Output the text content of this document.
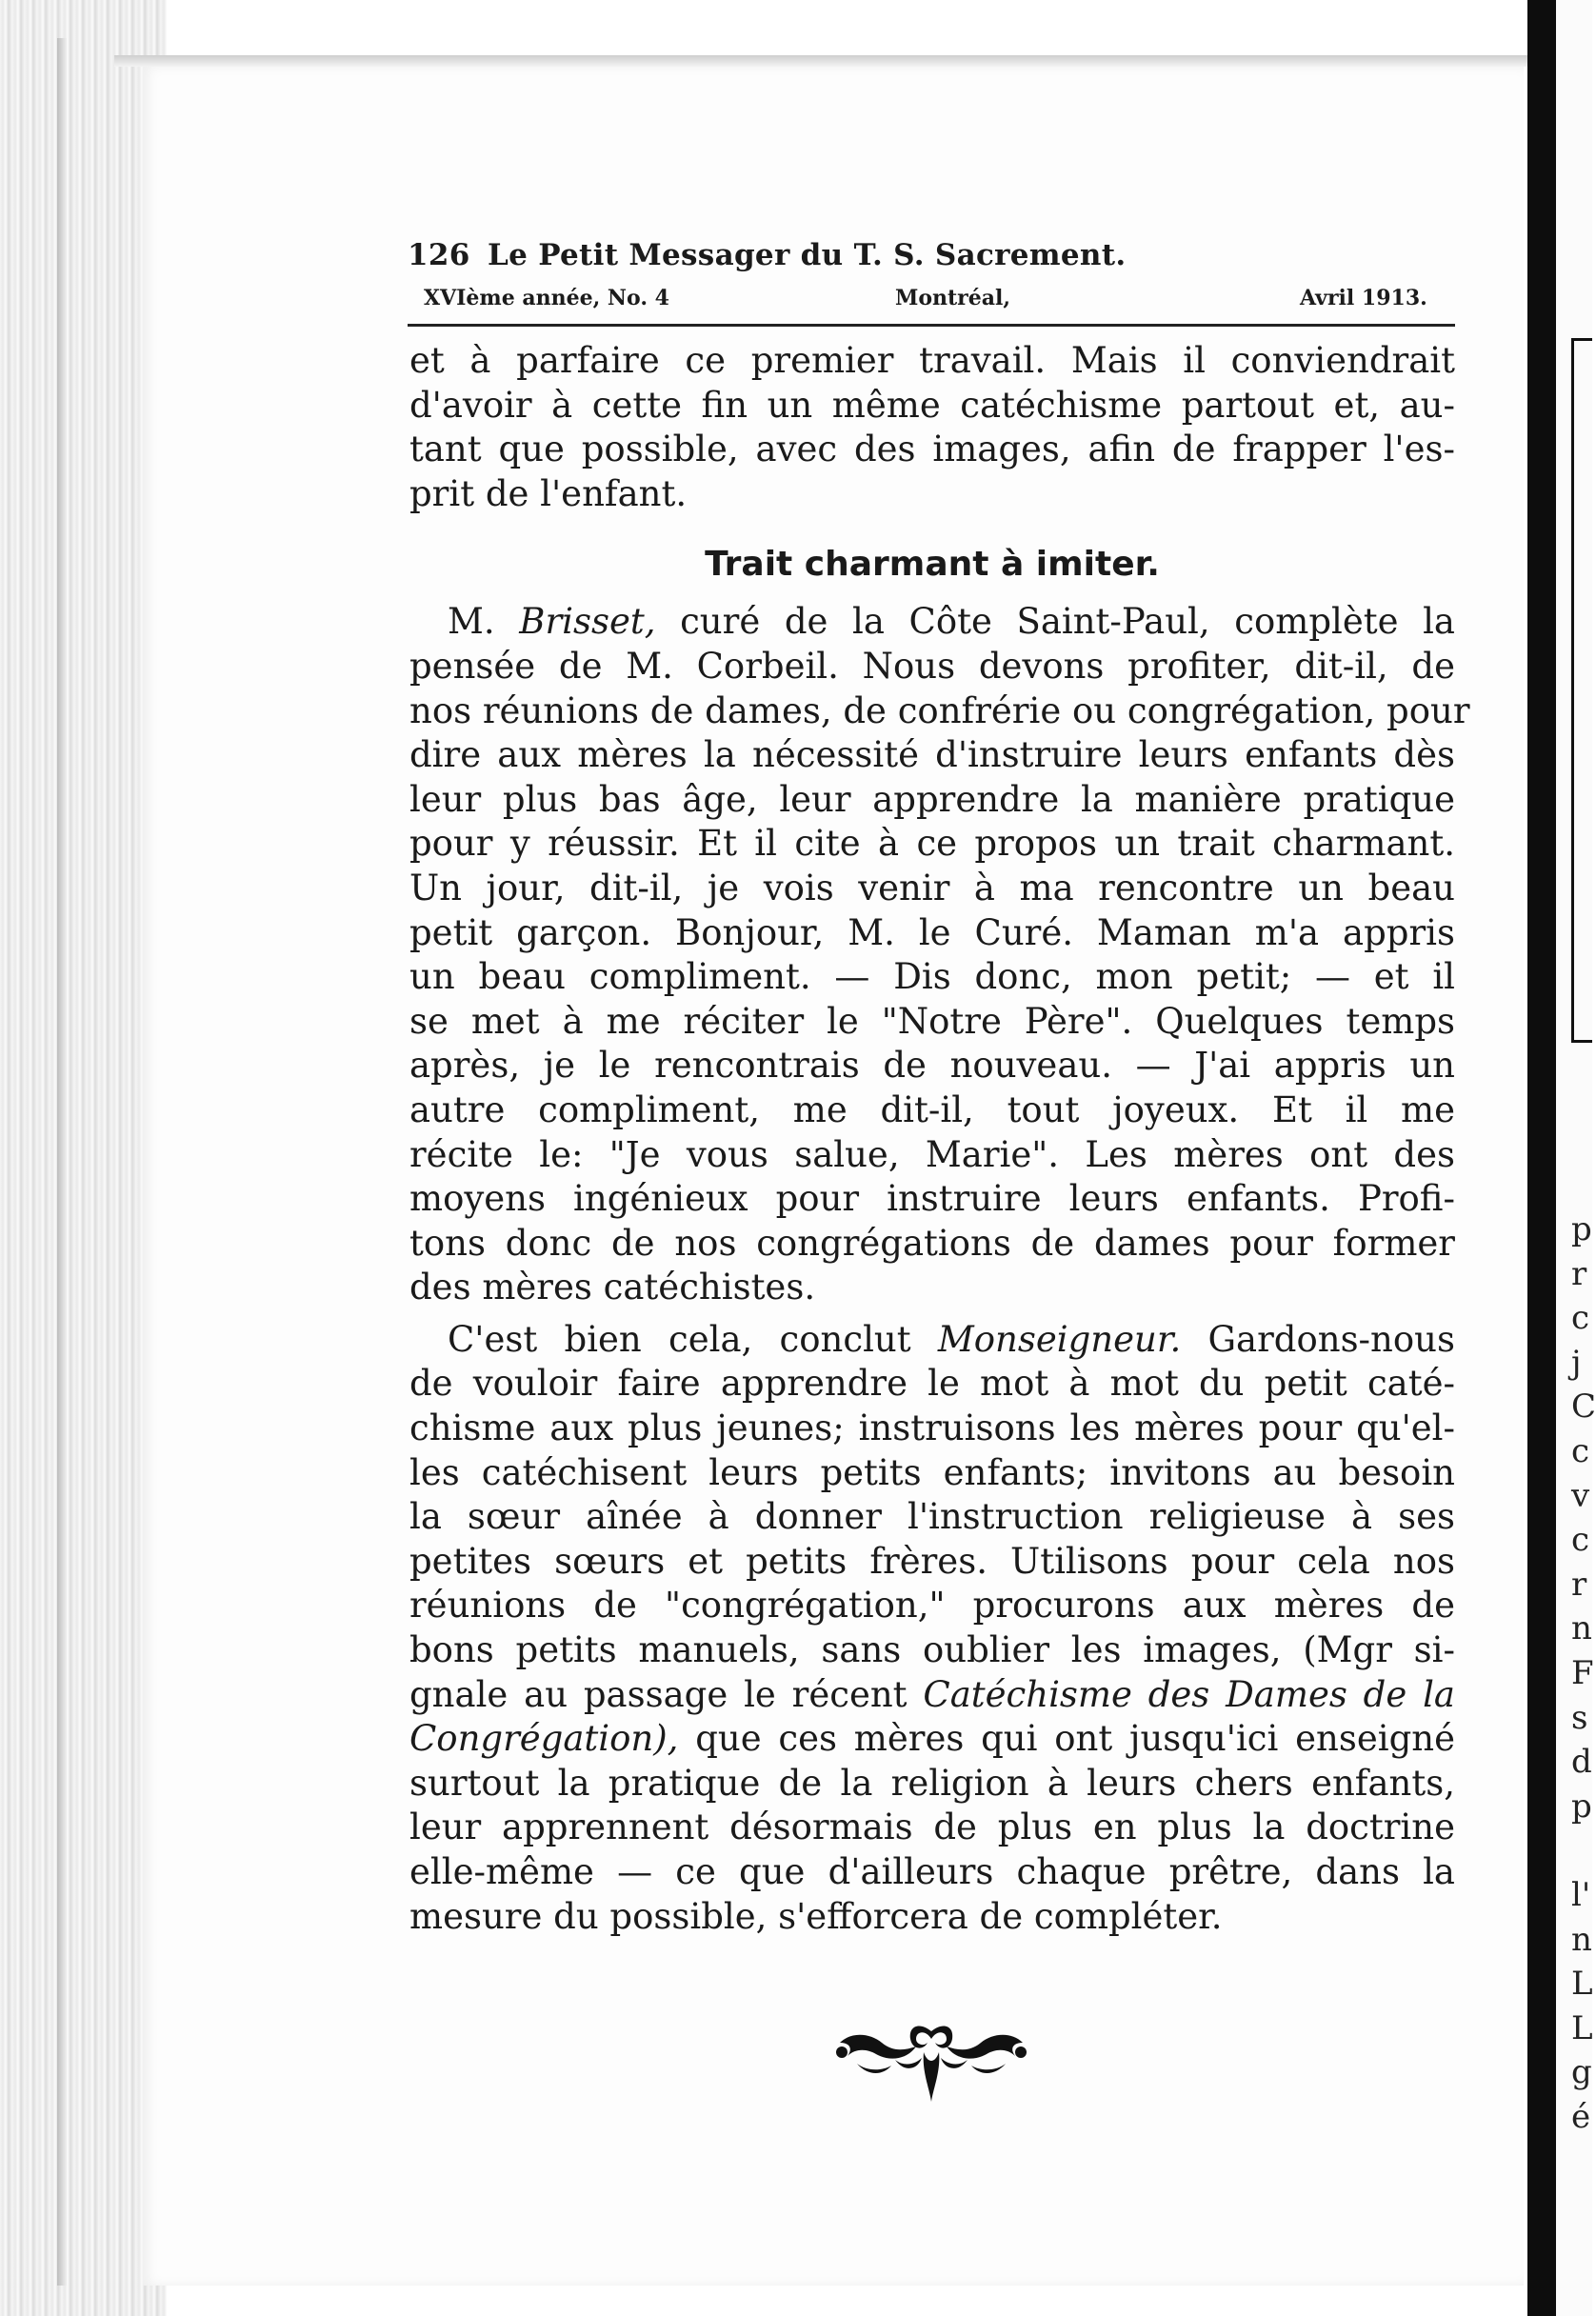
p
r
c
j
C
c
v
c
r
n
F
s
d
p
l'
n
L
L
g
é
126 Le Petit Messager du T. S. Sacrement.
XVIème année, No. 4	Montréal,	Avril 1913.
et à parfaire ce premier travail. Mais il conviendrait
d'avoir à cette fin un même catéchisme partout et, au-
tant que possible, avec des images, afin de frapper l'es-
prit de l'enfant.
Trait charmant à imiter.
M. Brisset, curé de la Côte Saint-Paul, complète la
pensée de M. Corbeil. Nous devons profiter, dit-il, de
nos réunions de dames, de confrérie ou congrégation, pour
dire aux mères la nécessité d'instruire leurs enfants dès
leur plus bas âge, leur apprendre la manière pratique
pour y réussir. Et il cite à ce propos un trait charmant.
Un jour, dit-il, je vois venir à ma rencontre un beau
petit garçon. Bonjour, M. le Curé. Maman m'a appris
un beau compliment. — Dis donc, mon petit; — et il
se met à me réciter le "Notre Père". Quelques temps
après, je le rencontrais de nouveau. — J'ai appris un
autre compliment, me dit-il, tout joyeux. Et il me
récite le: "Je vous salue, Marie". Les mères ont des
moyens ingénieux pour instruire leurs enfants. Profi-
tons donc de nos congrégations de dames pour former
des mères catéchistes.
C'est bien cela, conclut Monseigneur. Gardons-nous
de vouloir faire apprendre le mot à mot du petit caté-
chisme aux plus jeunes; instruisons les mères pour qu'el-
les catéchisent leurs petits enfants; invitons au besoin
la sœur aînée à donner l'instruction religieuse à ses
petites sœurs et petits frères. Utilisons pour cela nos
réunions de "congrégation," procurons aux mères de
bons petits manuels, sans oublier les images, (Mgr si-
gnale au passage le récent Catéchisme des Dames de la
Congrégation), que ces mères qui ont jusqu'ici enseigné
surtout la pratique de la religion à leurs chers enfants,
leur apprennent désormais de plus en plus la doctrine
elle-même — ce que d'ailleurs chaque prêtre, dans la
mesure du possible, s'efforcera de compléter.
